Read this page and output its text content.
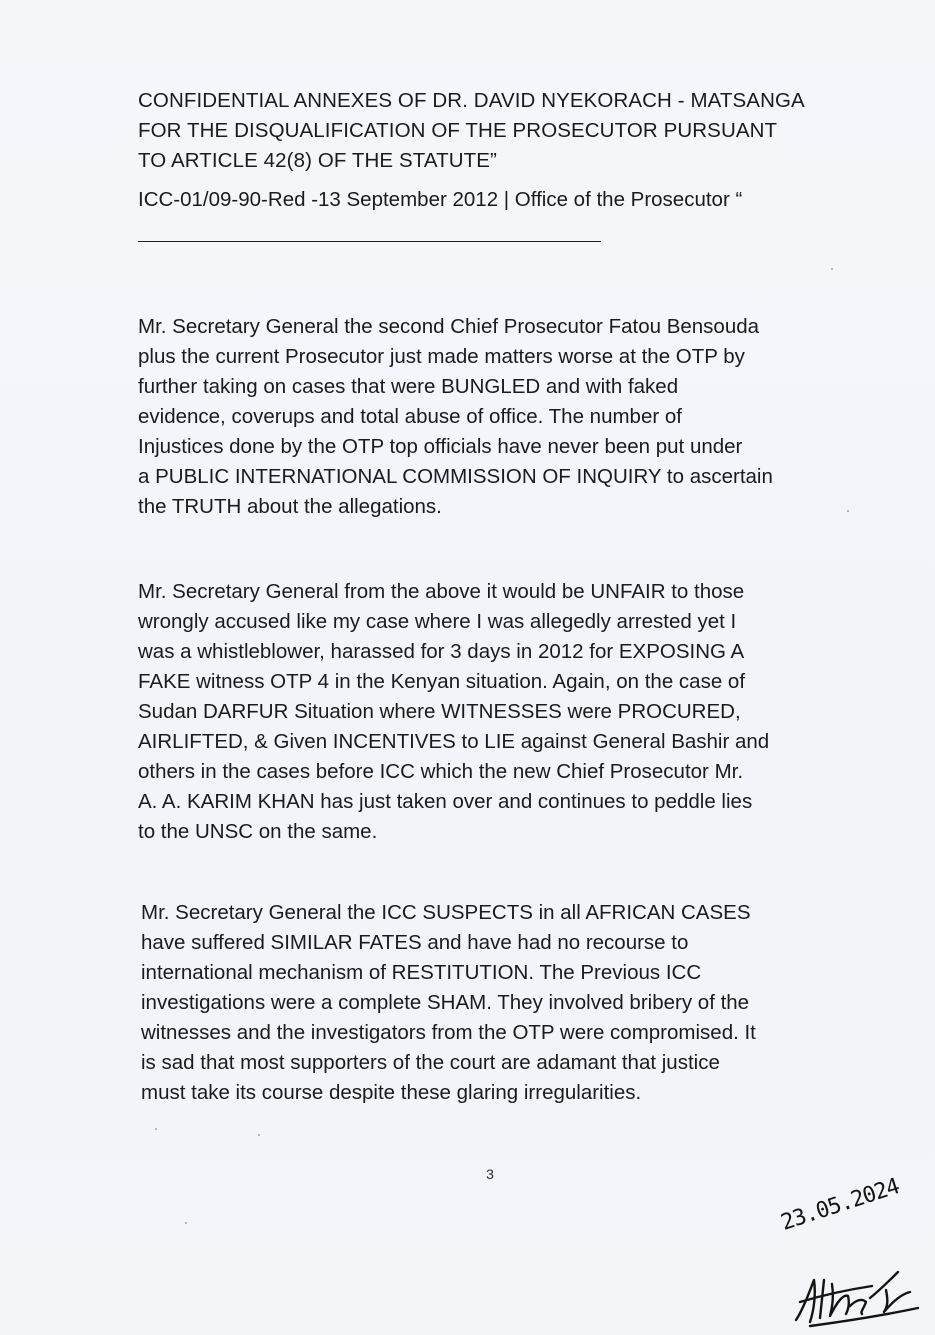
CONFIDENTIAL ANNEXES OF DR. DAVID NYEKORACH - MATSANGA
FOR THE DISQUALIFICATION OF THE PROSECUTOR PURSUANT
TO ARTICLE 42(8) OF THE STATUTE”
ICC-01/09-90-Red -13 September 2012 | Office of the Prosecutor “
Mr. Secretary General the second Chief Prosecutor Fatou Bensouda
plus the current Prosecutor just made matters worse at the OTP by
further taking on cases that were BUNGLED and with faked
evidence, coverups and total abuse of office. The number of
Injustices done by the OTP top officials have never been put under
a PUBLIC INTERNATIONAL COMMISSION OF INQUIRY to ascertain
the TRUTH about the allegations.
Mr. Secretary General from the above it would be UNFAIR to those
wrongly accused like my case where I was allegedly arrested yet I
was a whistleblower, harassed for 3 days in 2012 for EXPOSING A
FAKE witness OTP 4 in the Kenyan situation. Again, on the case of
Sudan DARFUR Situation where WITNESSES were PROCURED,
AIRLIFTED, & Given INCENTIVES to LIE against General Bashir and
others in the cases before ICC which the new Chief Prosecutor Mr.
A. A. KARIM KHAN has just taken over and continues to peddle lies
to the UNSC on the same.
Mr. Secretary General the ICC SUSPECTS in all AFRICAN CASES
have suffered SIMILAR FATES and have had no recourse to
international mechanism of RESTITUTION. The Previous ICC
investigations were a complete SHAM. They involved bribery of the
witnesses and the investigators from the OTP were compromised. It
is sad that most supporters of the court are adamant that justice
must take its course despite these glaring irregularities.
3
23.05.2024
